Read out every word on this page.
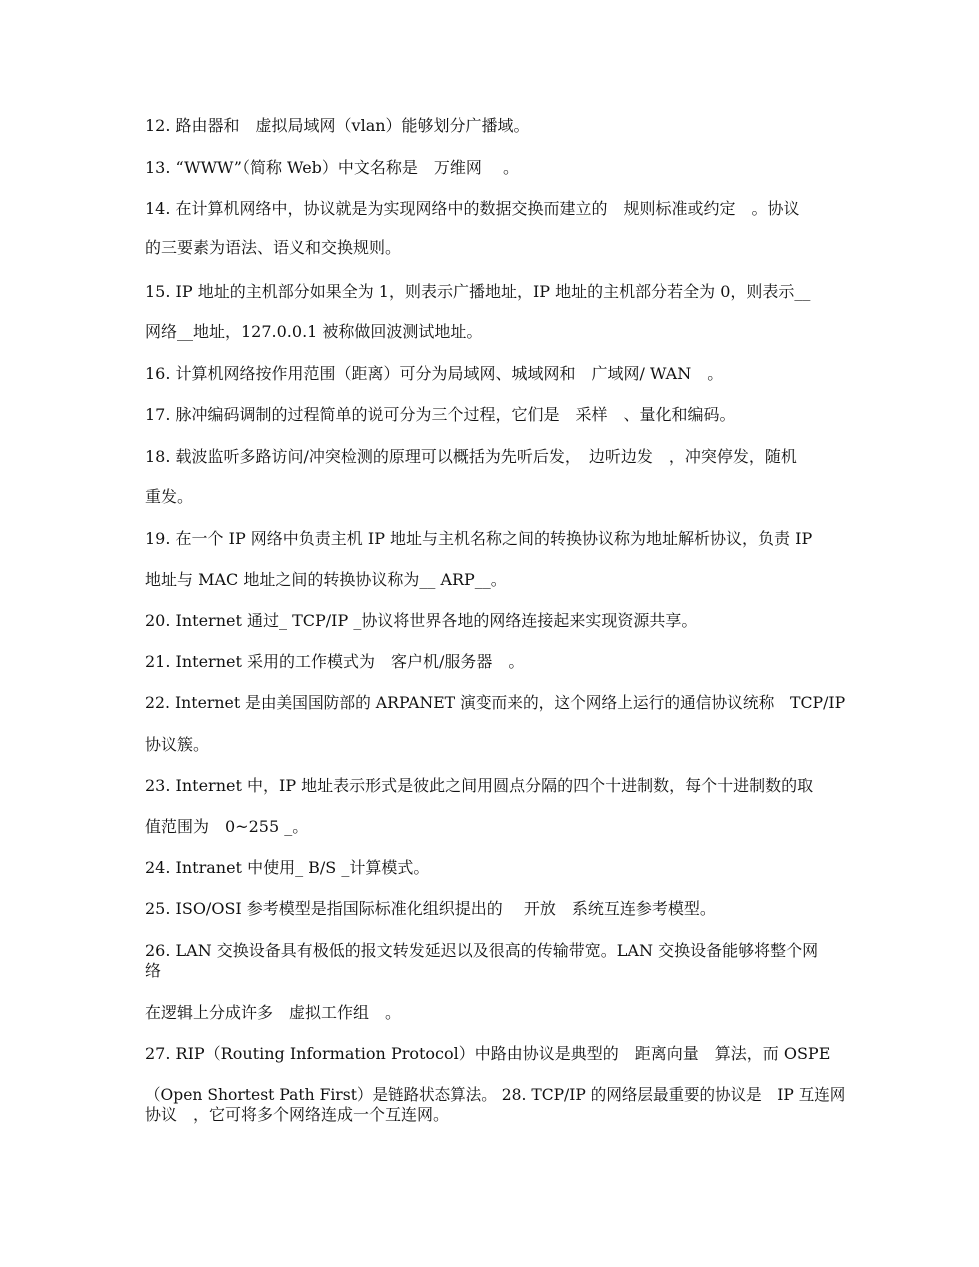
12. 路由器和　虚拟局域网（vlan）能够划分广播域。
13. “WWW”（简称 Web）中文名称是　万维网　 。
14. 在计算机网络中，协议就是为实现网络中的数据交换而建立的　规则标准或约定　。协议
的三要素为语法、语义和交换规则。
15. IP 地址的主机部分如果全为 1，则表示广播地址，IP 地址的主机部分若全为 0，则表示__
网络__地址，127.0.0.1 被称做回波测试地址。
16. 计算机网络按作用范围（距离）可分为局域网、城域网和　广域网/ WAN　。
17. 脉冲编码调制的过程简单的说可分为三个过程，它们是　采样　、量化和编码。
18. 载波监听多路访问/冲突检测的原理可以概括为先听后发，　边听边发　，冲突停发，随机
重发。
19. 在一个 IP 网络中负责主机 IP 地址与主机名称之间的转换协议称为地址解析协议，负责 IP
地址与 MAC 地址之间的转换协议称为__ ARP__。
20. Internet 通过_ TCP/IP _协议将世界各地的网络连接起来实现资源共享。
21. Internet 采用的工作模式为　客户机/服务器　。
22. Internet 是由美国国防部的 ARPANET 演变而来的，这个网络上运行的通信协议统称　TCP/IP
协议簇。
23. Internet 中，IP 地址表示形式是彼此之间用圆点分隔的四个十进制数，每个十进制数的取
值范围为　0~255 _。
24. Intranet 中使用_ B/S _计算模式。
25. ISO/OSI 参考模型是指国际标准化组织提出的　 开放　系统互连参考模型。
26. LAN 交换设备具有极低的报文转发延迟以及很高的传输带宽。LAN 交换设备能够将整个网
络
在逻辑上分成许多　虚拟工作组　。
27. RIP（Routing Information Protocol）中路由协议是典型的　距离向量　算法，而 OSPE
（Open Shortest Path First）是链路状态算法。 28. TCP/IP 的网络层最重要的协议是　IP 互连网
协议　，它可将多个网络连成一个互连网。
